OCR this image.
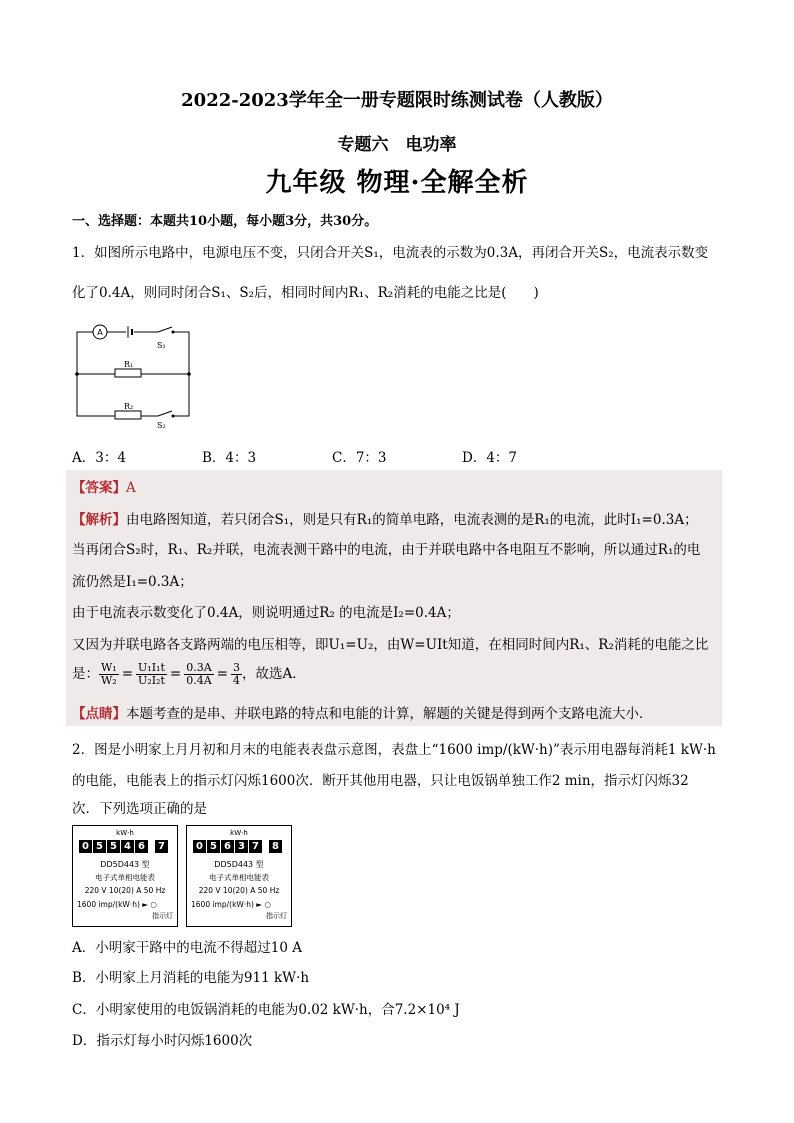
2022-2023学年全一册专题限时练测试卷（人教版）
专题六　电功率
九年级 物理·全解全析
一、选择题：本题共10小题，每小题3分，共30分。
1．如图所示电路中，电源电压不变，只闭合开关S₁，电流表的示数为0.3A，再闭合开关S₂，电流表示数变
化了0.4A，则同时闭合S₁、S₂后，相同时间内R₁、R₂消耗的电能之比是(　　)
A
S₁
R₁
R₂
S₂
A．3：4	B．4：3	C．7：3	D．4：7
【答案】A
【解析】由电路图知道，若只闭合S₁，则是只有R₁的简单电路，电流表测的是R₁的电流，此时I₁=0.3A；
当再闭合S₂时，R₁、R₂并联，电流表测干路中的电流，由于并联电路中各电阻互不影响，所以通过R₁的电
流仍然是I₁=0.3A；
由于电流表示数变化了0.4A，则说明通过R₂ 的电流是I₂=0.4A；
又因为并联电路各支路两端的电压相等，即U₁=U₂，由W=UIt知道，在相同时间内R₁、R₂消耗的电能之比
是： $\frac{\text{W₁}}{\text{W₂}} = \frac{\text{U₁I₁t}}{\text{U₂I₂t}} = \frac{0.3A}{0.4A} = \frac{3}{4}$ ，故选A．
【点睛】本题考查的是串、并联电路的特点和电能的计算，解题的关键是得到两个支路电流大小．
2．图是小明家上月月初和月末的电能表表盘示意图，表盘上“1600 imp/(kW·h)”表示用电器每消耗1 kW·h
的电能，电能表上的指示灯闪烁1600次．断开其他用电器，只让电饭锅单独工作2 min，指示灯闪烁32
次．下列选项正确的是
kW·h
0 5 5 4 6	7
DD5D443 型
电子式单相电能表
220 V 10(20) A 50 Hz
1600 imp/(kW·h) ► ○
指示灯
kW·h
0 5 6 3 7	8
DD5D443 型
电子式单相电能表
220 V 10(20) A 50 Hz
1600 imp/(kW·h) ► ○
指示灯
A．小明家干路中的电流不得超过10 A
B．小明家上月消耗的电能为911 kW·h
C．小明家使用的电饭锅消耗的电能为0.02 kW·h，合7.2×10⁴ J
D．指示灯每小时闪烁1600次
